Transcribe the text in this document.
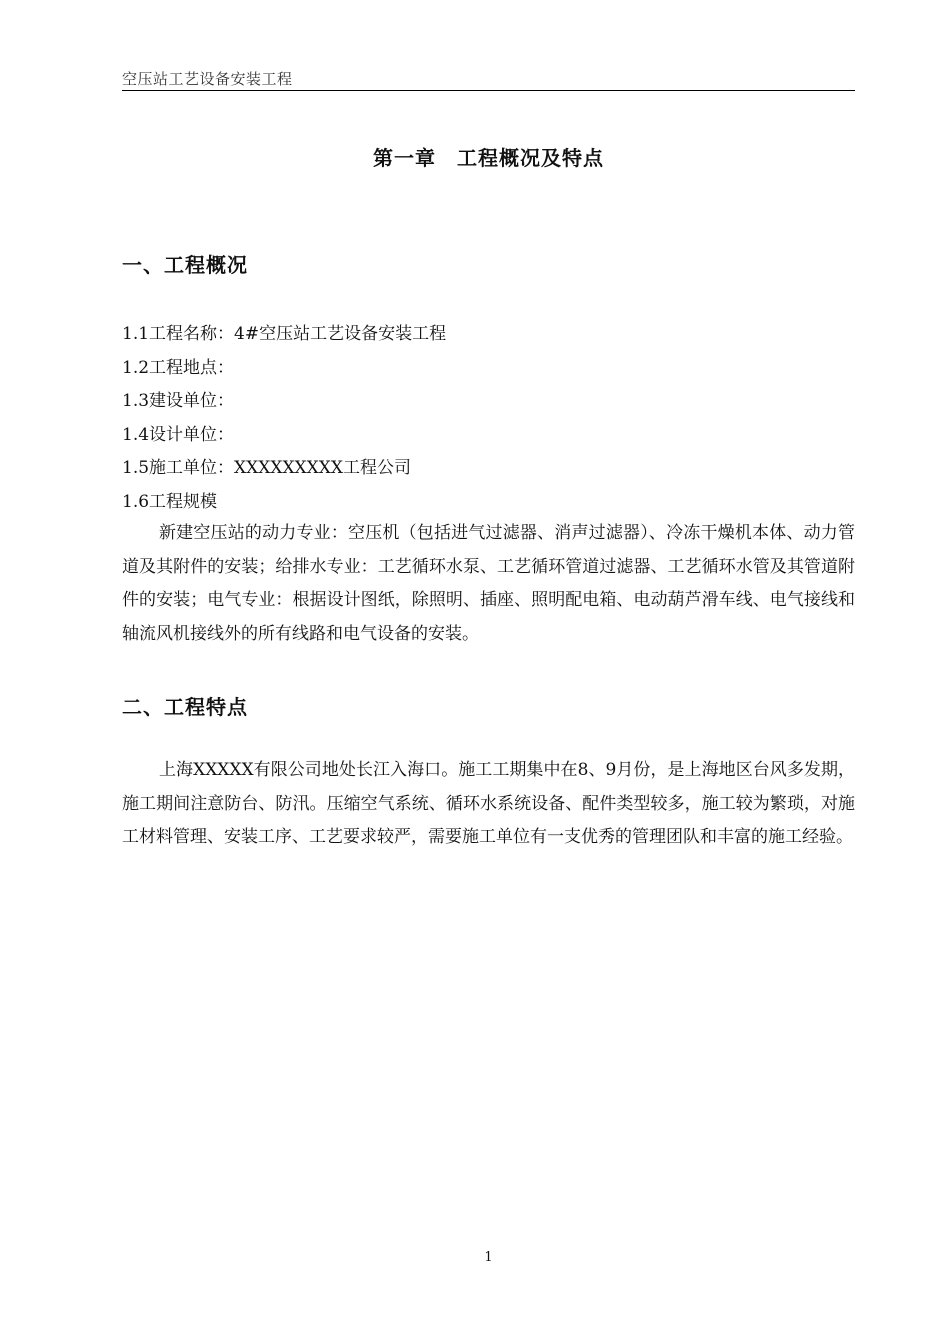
空压站工艺设备安装工程
第一章　工程概况及特点
一、工程概况
1.1工程名称：4#空压站工艺设备安装工程
1.2工程地点：
1.3建设单位：
1.4设计单位：
1.5施工单位：XXXXXXXXX工程公司
1.6工程规模

新建空压站的动力专业：空压机（包括进气过滤器、消声过滤器）、冷冻干燥机本体、动力管道及其附件的安装；给排水专业：工艺循环水泵、工艺循环管道过滤器、工艺循环水管及其管道附件的安装；电气专业：根据设计图纸，除照明、插座、照明配电箱、电动葫芦滑车线、电气接线和轴流风机接线外的所有线路和电气设备的安装。

二、工程特点

上海XXXXX有限公司地处长江入海口。施工工期集中在8、9月份，是上海地区台风多发期，施工期间注意防台、防汛。压缩空气系统、循环水系统设备、配件类型较多，施工较为繁琐，对施工材料管理、安装工序、工艺要求较严，需要施工单位有一支优秀的管理团队和丰富的施工经验。

1
